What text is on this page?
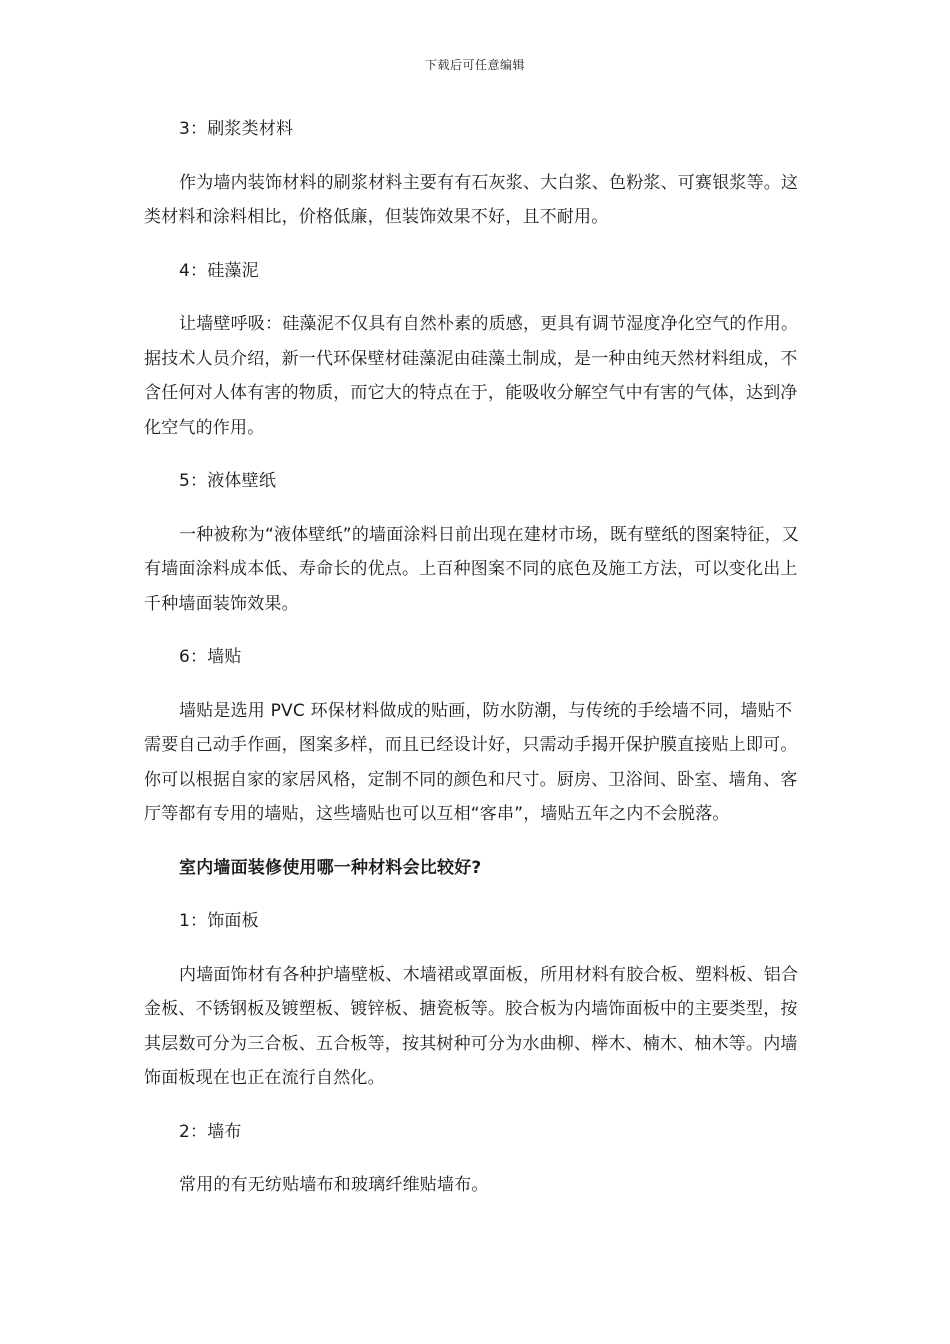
下载后可任意编辑

3：刷浆类材料

作为墙内装饰材料的刷浆材料主要有有石灰浆、大白浆、色粉浆、可赛银浆等。这类材料和涂料相比，价格低廉，但装饰效果不好，且不耐用。

4：硅藻泥

让墙壁呼吸：硅藻泥不仅具有自然朴素的质感，更具有调节湿度净化空气的作用。据技术人员介绍，新一代环保壁材硅藻泥由硅藻土制成，是一种由纯天然材料组成，不含任何对人体有害的物质，而它大的特点在于，能吸收分解空气中有害的气体，达到净化空气的作用。

5：液体壁纸

一种被称为“液体壁纸”的墙面涂料日前出现在建材市场，既有壁纸的图案特征，又有墙面涂料成本低、寿命长的优点。上百种图案不同的底色及施工方法，可以变化出上千种墙面装饰效果。

6：墙贴

墙贴是选用 PVC 环保材料做成的贴画，防水防潮，与传统的手绘墙不同，墙贴不需要自己动手作画，图案多样，而且已经设计好，只需动手揭开保护膜直接贴上即可。你可以根据自家的家居风格，定制不同的颜色和尺寸。厨房、卫浴间、卧室、墙角、客厅等都有专用的墙贴，这些墙贴也可以互相“客串”，墙贴五年之内不会脱落。

室内墙面装修使用哪一种材料会比较好?

1：饰面板

内墙面饰材有各种护墙壁板、木墙裙或罩面板，所用材料有胶合板、塑料板、铝合金板、不锈钢板及镀塑板、镀锌板、搪瓷板等。胶合板为内墙饰面板中的主要类型，按其层数可分为三合板、五合板等，按其树种可分为水曲柳、榉木、楠木、柚木等。内墙饰面板现在也正在流行自然化。

2：墙布

常用的有无纺贴墙布和玻璃纤维贴墙布。
